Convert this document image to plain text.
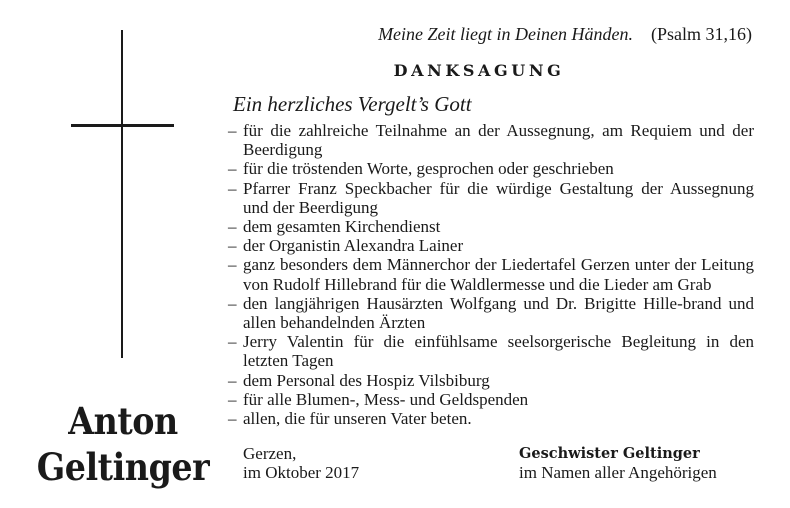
Anton
Geltinger
Meine Zeit liegt in Deinen Händen. (Psalm 31,16)
DANKSAGUNG
Ein herzliches Vergelt’s Gott
– für die zahlreiche Teilnahme an der Aussegnung, am Requiem und der Beerdigung
– für die tröstenden Worte, gesprochen oder geschrieben
– Pfarrer Franz Speckbacher für die würdige Gestaltung der Aussegnung und der Beerdigung
– dem gesamten Kirchendienst
– der Organistin Alexandra Lainer
– ganz besonders dem Männerchor der Liedertafel Gerzen unter der Leitung von Rudolf Hillebrand für die Waldlermesse und die Lieder am Grab
– den langjährigen Hausärzten Wolfgang und Dr. Brigitte Hille-brand und allen behandelnden Ärzten
– Jerry Valentin für die einfühlsame seelsorgerische Begleitung in den letzten Tagen
– dem Personal des Hospiz Vilsbiburg
– für alle Blumen-, Mess- und Geldspenden
– allen, die für unseren Vater beten.
Gerzen,
im Oktober 2017
Geschwister Geltinger
im Namen aller Angehörigen
